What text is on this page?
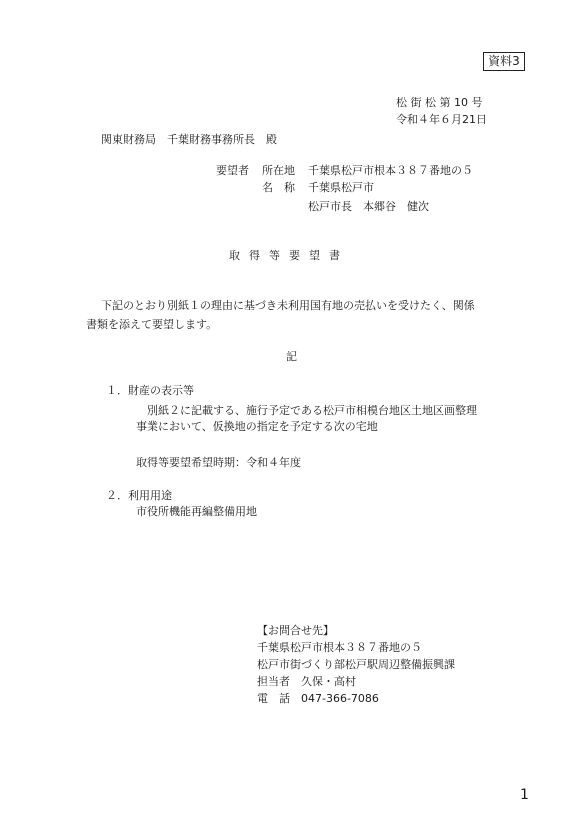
資料3
松 街 松 第 10 号
令和４年６月21日
関東財務局　千葉財務事務所長　殿
要望者 所在地 千葉県松戸市根本３８７番地の５
名　称 千葉県松戸市
松戸市長　本郷谷　健次
取得等要望書
下記のとおり別紙１の理由に基づき未利用国有地の売払いを受けたく、関係
書類を添えて要望します。
記
１．財産の表示等
別紙２に記載する、施行予定である松戸市相模台地区土地区画整理
事業において、仮換地の指定を予定する次の宅地
取得等要望希望時期：令和４年度
２．利用用途
市役所機能再編整備用地
【お問合せ先】
千葉県松戸市根本３８７番地の５
松戸市街づくり部松戸駅周辺整備振興課
担当者　久保・高村
電　話　047-366-7086
1
